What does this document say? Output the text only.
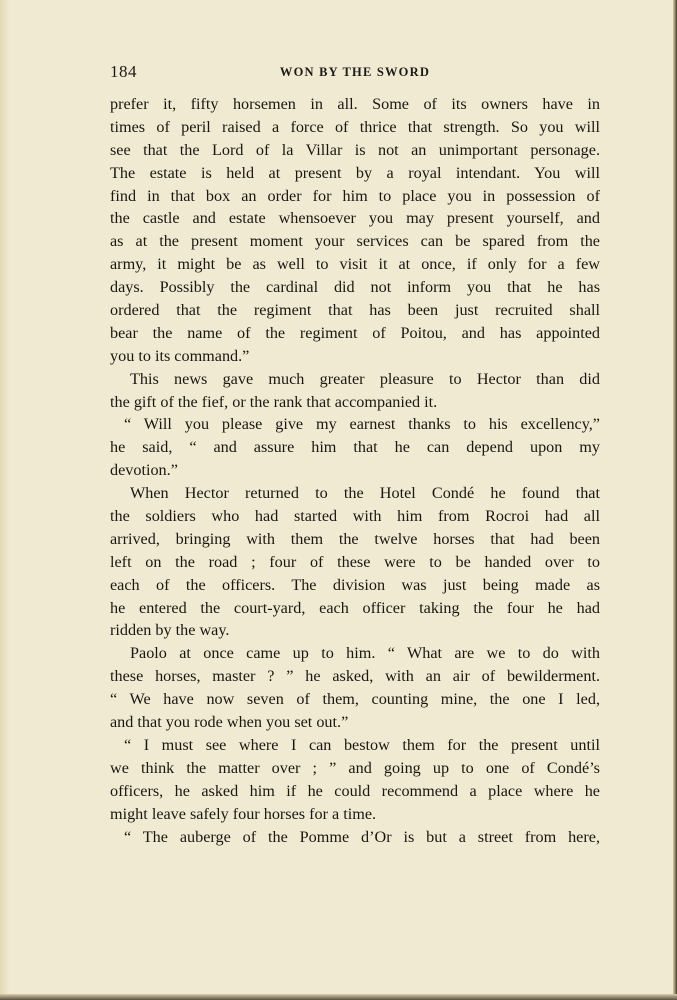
184	WON BY THE SWORD
prefer it, fifty horsemen in all. Some of its owners have in
times of peril raised a force of thrice that strength. So you will
see that the Lord of la Villar is not an unimportant personage.
The estate is held at present by a royal intendant. You will
find in that box an order for him to place you in possession of
the castle and estate whensoever you may present yourself, and
as at the present moment your services can be spared from the
army, it might be as well to visit it at once, if only for a few
days. Possibly the cardinal did not inform you that he has
ordered that the regiment that has been just recruited shall
bear the name of the regiment of Poitou, and has appointed
you to its command.”
This news gave much greater pleasure to Hector than did
the gift of the fief, or the rank that accompanied it.
“ Will you please give my earnest thanks to his excellency,”
he said, “ and assure him that he can depend upon my
devotion.”
When Hector returned to the Hotel Condé he found that
the soldiers who had started with him from Rocroi had all
arrived, bringing with them the twelve horses that had been
left on the road ; four of these were to be handed over to
each of the officers. The division was just being made as
he entered the court-yard, each officer taking the four he had
ridden by the way.
Paolo at once came up to him. “ What are we to do with
these horses, master ? ” he asked, with an air of bewilderment.
“ We have now seven of them, counting mine, the one I led,
and that you rode when you set out.”
“ I must see where I can bestow them for the present until
we think the matter over ; ” and going up to one of Condé’s
officers, he asked him if he could recommend a place where he
might leave safely four horses for a time.
“ The auberge of the Pomme d’Or is but a street from here,
